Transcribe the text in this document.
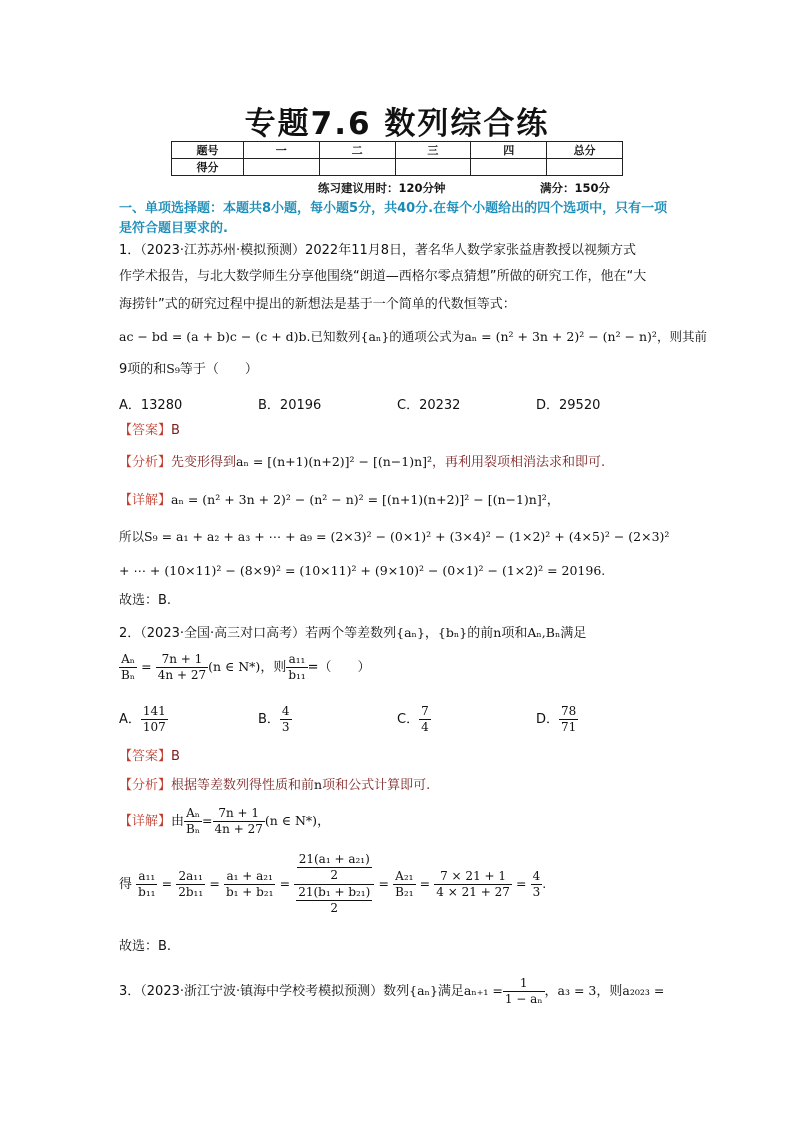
专题7.6 数列综合练
题号	一	二	三	四	总分
得分					
练习建议用时：120分钟	满分：150分
一、单项选择题：本题共8小题，每小题5分，共40分.在每个小题给出的四个选项中，只有一项是符合题目要求的.
1．（2023·江苏苏州·模拟预测）2022年11月8日，著名华人数学家张益唐教授以视频方式
作学术报告，与北大数学师生分享他围绕“朗道—西格尔零点猜想”所做的研究工作，他在“大
海捞针”式的研究过程中提出的新想法是基于一个简单的代数恒等式：
ac − bd = (a + b)c − (c + d)b.已知数列{aₙ}的通项公式为aₙ = (n² + 3n + 2)² − (n² − n)²，则其前
9项的和S₉等于（　　）
A．13280	B．20196	C．20232	D．29520
【答案】B
【分析】先变形得到aₙ = [(n+1)(n+2)]² − [(n−1)n]²，再利用裂项相消法求和即可.
【详解】aₙ = (n² + 3n + 2)² − (n² − n)² = [(n+1)(n+2)]² − [(n−1)n]²，
所以S₉ = a₁ + a₂ + a₃ + ⋯ + a₉ = (2×3)² − (0×1)² + (3×4)² − (1×2)² + (4×5)² − (2×3)²
+ ⋯ + (10×11)² − (8×9)² = (10×11)² + (9×10)² − (0×1)² − (1×2)² = 20196.
故选：B.
2．（2023·全国·高三对口高考）若两个等差数列{aₙ}，{bₙ}的前n项和Aₙ,Bₙ满足
$\frac{\text{Aₙ}}{\text{Bₙ}} = \frac{7n + 1}{4n + 27} (n$ ∈ N*)，则 $\frac{\text{a₁₁}}{\text{b₁₁}}$ =（　　）
A． $\frac{141}{107}$	B． $\frac{4}{3}$	C． $\frac{7}{4}$	D． $\frac{78}{71}$
【答案】B
【分析】根据等差数列得性质和前n项和公式计算即可.
【详解】由 $\frac{\text{Aₙ}}{\text{Bₙ}} = \frac{7n + 1}{4n + 27} (n$ ∈ N*)，
得 $\frac{\text{a₁₁}}{\text{b₁₁}} = \frac{\text{2a₁₁}}{\text{2b₁₁}} = \frac{\text{a₁ + a₂₁}}{\text{b₁ + b₂₁}} = \frac{\frac{\text{21(a₁ + a₂₁)}}{2}}{\frac{\text{21(b₁ + b₂₁)}}{2}} = \frac{\text{A₂₁}}{\text{B₂₁}} = \frac{7 \times 21 + 1}{4 \times 21 + 27} = \frac{4}{3}$ .
故选：B.
3．（2023·浙江宁波·镇海中学校考模拟预测）数列{aₙ}满足$a_{n+1} = \frac{1}{\text{1 − aₙ}}$ ，a₃ = 3，则a₂₀₂₃ =
